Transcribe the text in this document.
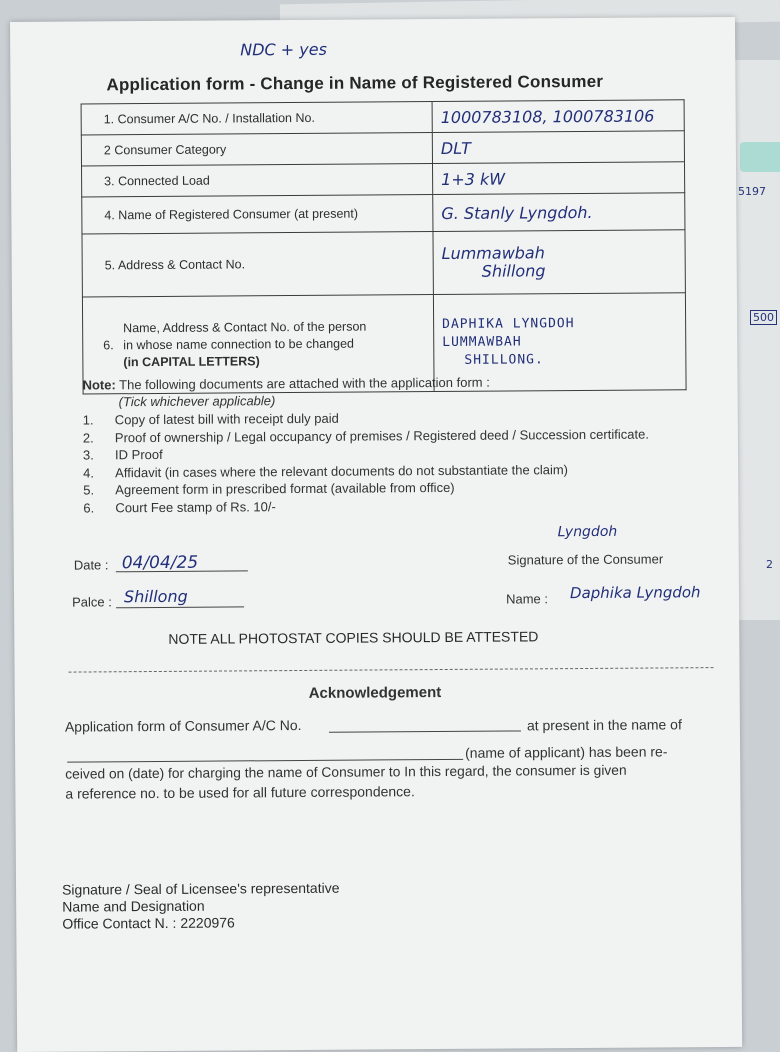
5197
2
500
NDC + yes
Application form - Change in Name of Registered Consumer
1. Consumer A/C No. / Installation No.	1000783108, 1000783106
2 Consumer Category	DLT
3. Connected Load	1+3 kW
4. Name of Registered Consumer (at present)	G. Stanly Lyngdoh.
5. Address & Contact No.	Lummawbah
Shillong

6.
Name, Address & Contact No. of the person
in whose name connection to be changed
(in CAPITAL LETTERS)	DAPHIKA LYNGDOH
LUMMAWBAH
SHILLONG.
Note: The following documents are attached with the application form :
(Tick whichever applicable)
1.	Copy of latest bill with receipt duly paid
2.	Proof of ownership / Legal occupancy of premises / Registered deed / Succession certificate.
3.	ID Proof
4.	Affidavit (in cases where the relevant documents do not substantiate the claim)
5.	Agreement form in prescribed format (available from office)
6.	Court Fee stamp of Rs. 10/-
Date : 04/04/25
Lyngdoh
Signature of the Consumer
Palce : Shillong	Name : Daphika Lyngdoh
NOTE ALL PHOTOSTAT COPIES SHOULD BE ATTESTED
Acknowledgement
Application form of Consumer A/C No.	at present in the name of
(name of applicant) has been re-
ceived on (date) for charging the name of Consumer to In this regard, the consumer is given
a reference no. to be used for all future correspondence.
Signature / Seal of Licensee's representative
Name and Designation
Office Contact N. : 2220976
